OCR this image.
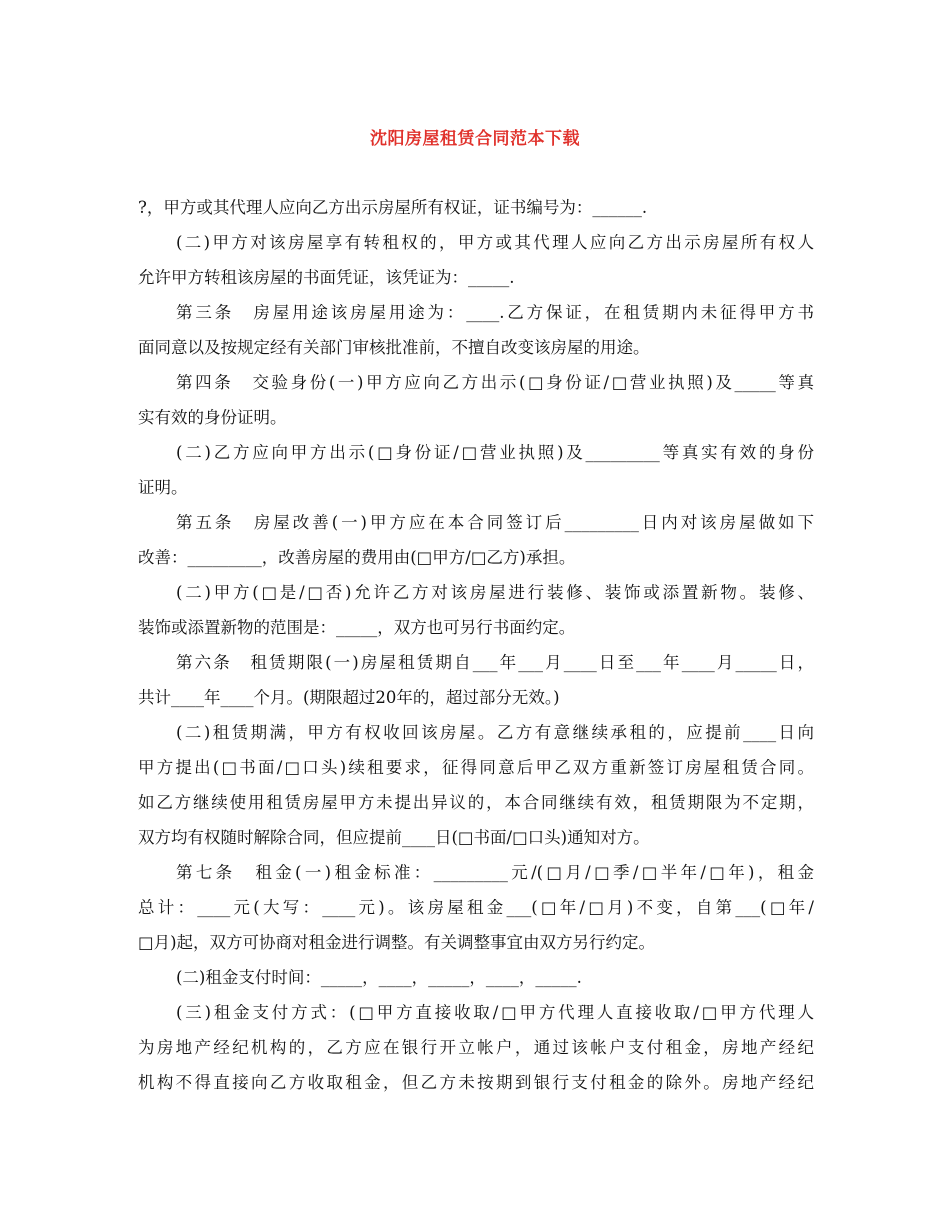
沈阳房屋租赁合同范本下载
?，甲方或其代理人应向乙方出示房屋所有权证，证书编号为：______.
(二)甲方对该房屋享有转租权的，甲方或其代理人应向乙方出示房屋所有权人
允许甲方转租该房屋的书面凭证，该凭证为：_____.
第三条　房屋用途该房屋用途为：____.乙方保证，在租赁期内未征得甲方书
面同意以及按规定经有关部门审核批准前，不擅自改变该房屋的用途。
第四条　交验身份(一)甲方应向乙方出示(□身份证/□营业执照)及_____等真
实有效的身份证明。
(二)乙方应向甲方出示(□身份证/□营业执照)及_________等真实有效的身份
证明。
第五条　房屋改善(一)甲方应在本合同签订后_________日内对该房屋做如下
改善：_________，改善房屋的费用由(□甲方/□乙方)承担。
(二)甲方(□是/□否)允许乙方对该房屋进行装修、装饰或添置新物。装修、
装饰或添置新物的范围是：_____，双方也可另行书面约定。
第六条　租赁期限(一)房屋租赁期自___年___月____日至___年____月_____日，
共计____年____个月。(期限超过20年的，超过部分无效。)
(二)租赁期满，甲方有权收回该房屋。乙方有意继续承租的，应提前____日向
甲方提出(□书面/□口头)续租要求，征得同意后甲乙双方重新签订房屋租赁合同。
如乙方继续使用租赁房屋甲方未提出异议的，本合同继续有效，租赁期限为不定期，
双方均有权随时解除合同，但应提前____日(□书面/□口头)通知对方。
第七条　租金(一)租金标准：_________元/(□月/□季/□半年/□年)，租金
总计：____元(大写：____元)。该房屋租金___(□年/□月)不变，自第___(□年/
□月)起，双方可协商对租金进行调整。有关调整事宜由双方另行约定。
(二)租金支付时间：_____，____，_____，____，_____.
(三)租金支付方式：(□甲方直接收取/□甲方代理人直接收取/□甲方代理人
为房地产经纪机构的，乙方应在银行开立帐户，通过该帐户支付租金，房地产经纪
机构不得直接向乙方收取租金，但乙方未按期到银行支付租金的除外。房地产经纪
